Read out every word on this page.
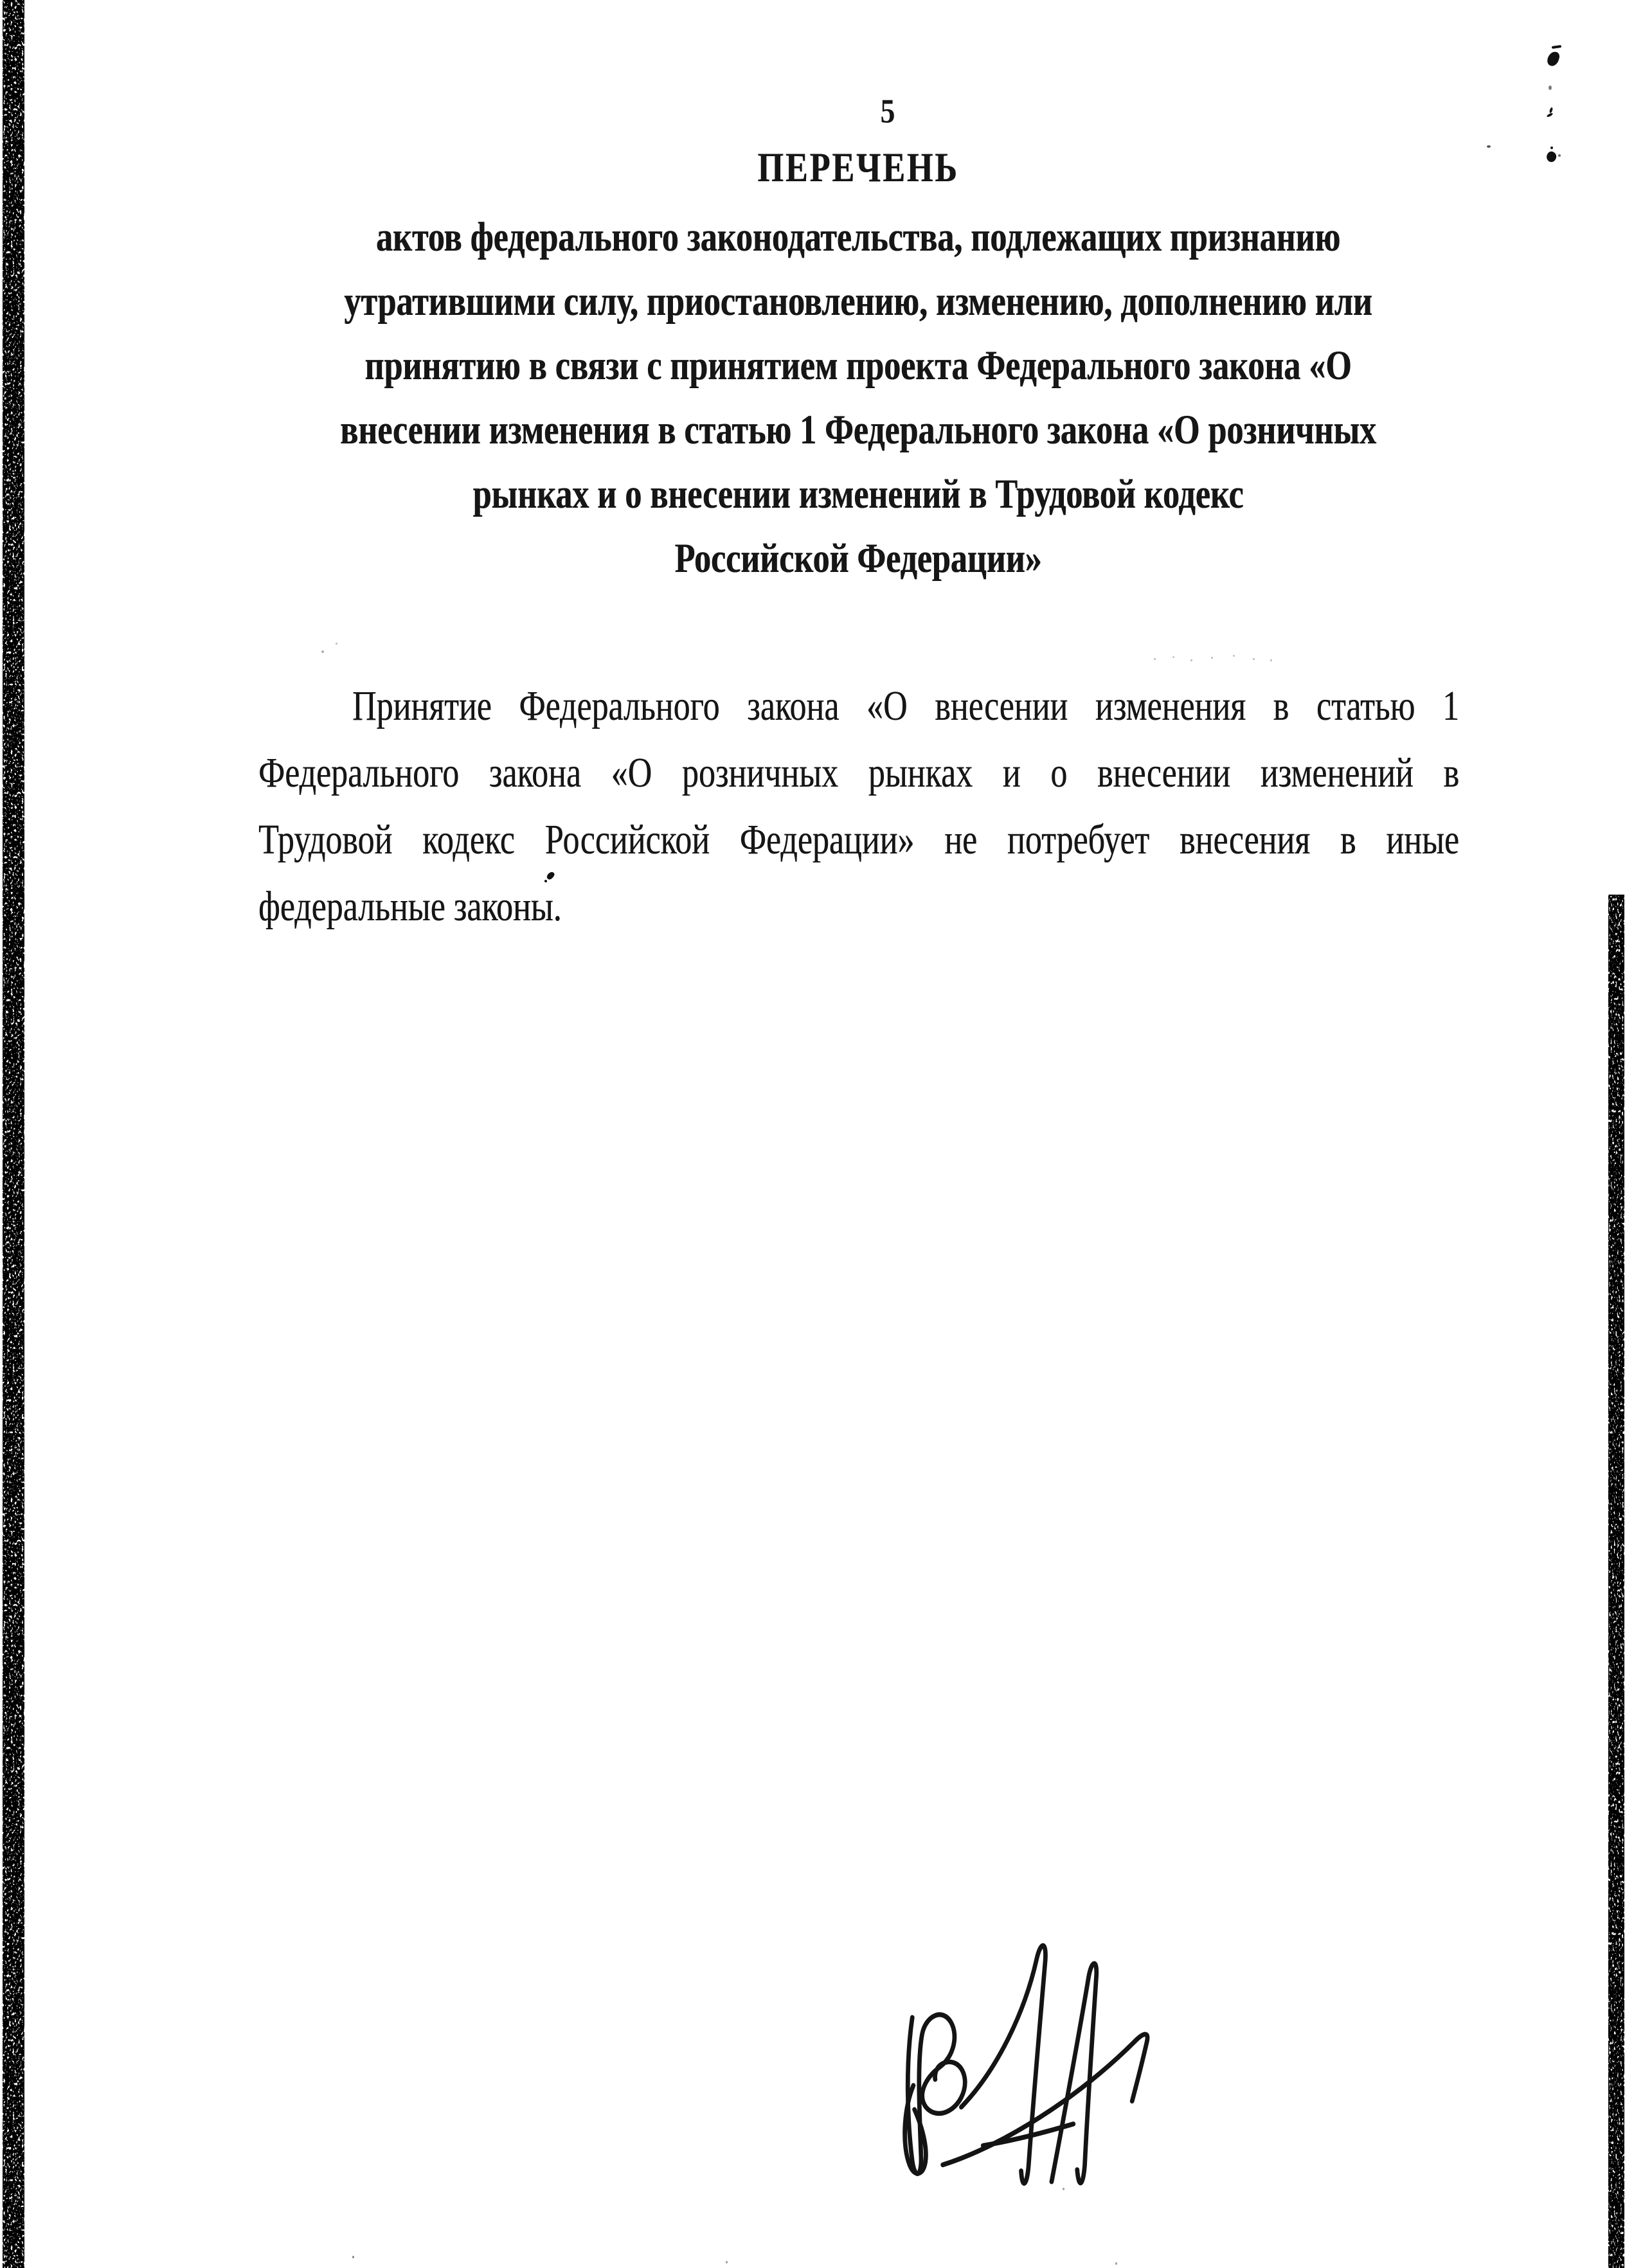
5
ПЕРЕЧЕНЬ
актов федерального законодательства, подлежащих признанию
утратившими силу, приостановлению, изменению, дополнению или
принятию в связи с принятием проекта Федерального закона «О
внесении изменения в статью 1 Федерального закона «О розничных
рынках и о внесении изменений в Трудовой кодекс
Российской Федерации»
Принятие Федерального закона «О внесении изменения в статью 1
Федерального закона «О розничных рынках и о внесении изменений в
Трудовой кодекс Российской Федерации» не потребует внесения в иные
федеральные законы.
